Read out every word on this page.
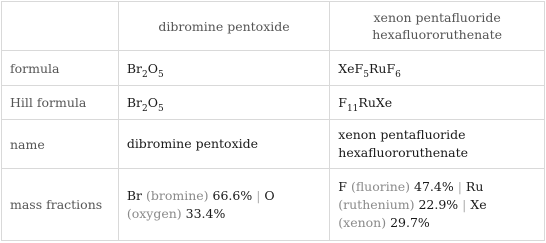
	dibromine pentoxide	xenon pentafluoride hexafluororuthenate
formula	$Br_2O_5$	XeF$_5$RuF$_6$
Hill formula	$Br_2O_5$	$F_{11}RuXe$
name	dibromine pentoxide	xenon pentafluoride hexafluororuthenate
mass fractions	Br (bromine) 66.6% | O (oxygen) 33.4%	F (fluorine) 47.4% | Ru (ruthenium) 22.9% | Xe (xenon) 29.7%
